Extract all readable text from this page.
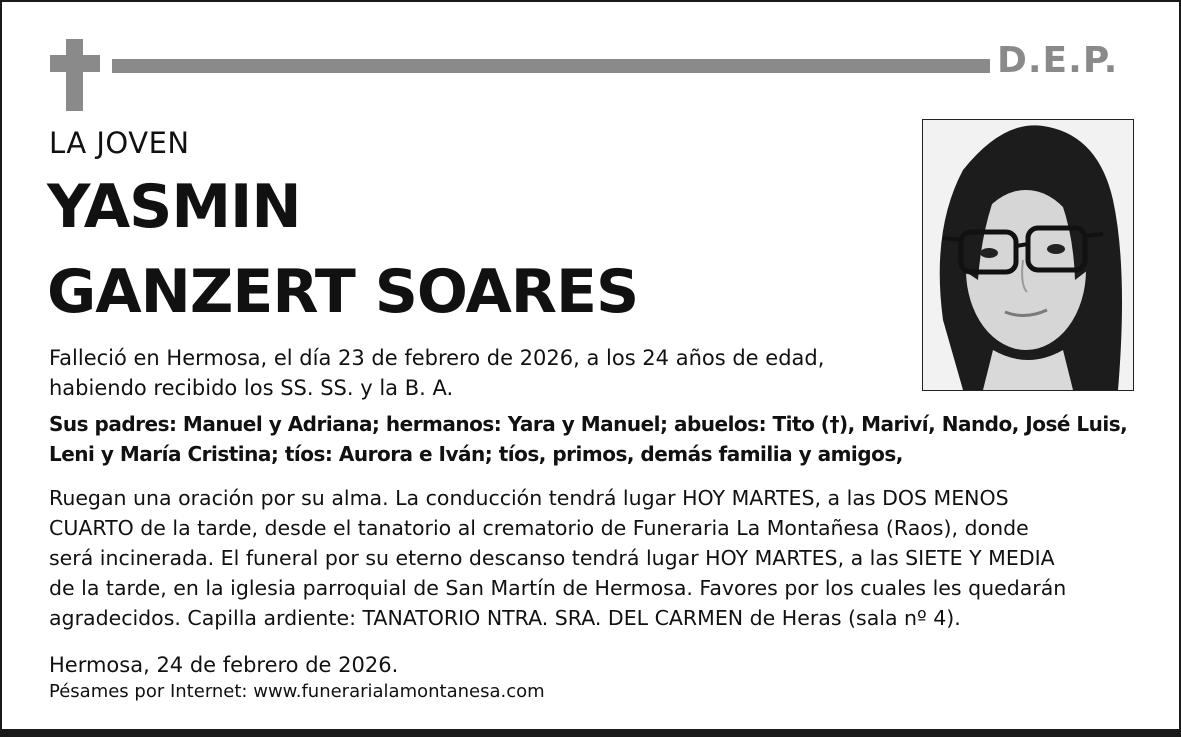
D.E.P.
LA JOVEN
YASMIN
GANZERT SOARES
Falleció en Hermosa, el día 23 de febrero de 2026, a los 24 años de edad,
habiendo recibido los SS. SS. y la B. A.
Sus padres: Manuel y Adriana; hermanos: Yara y Manuel; abuelos: Tito (†), Mariví, Nando, José Luis,
Leni y María Cristina; tíos: Aurora e Iván; tíos, primos, demás familia y amigos,
Ruegan una oración por su alma. La conducción tendrá lugar HOY MARTES, a las DOS MENOS
CUARTO de la tarde, desde el tanatorio al crematorio de Funeraria La Montañesa (Raos), donde
será incinerada. El funeral por su eterno descanso tendrá lugar HOY MARTES, a las SIETE Y MEDIA
de la tarde, en la iglesia parroquial de San Martín de Hermosa. Favores por los cuales les quedarán
agradecidos. Capilla ardiente: TANATORIO NTRA. SRA. DEL CARMEN de Heras (sala nº 4).
Hermosa, 24 de febrero de 2026.
Pésames por Internet: www.funerarialamontanesa.com
